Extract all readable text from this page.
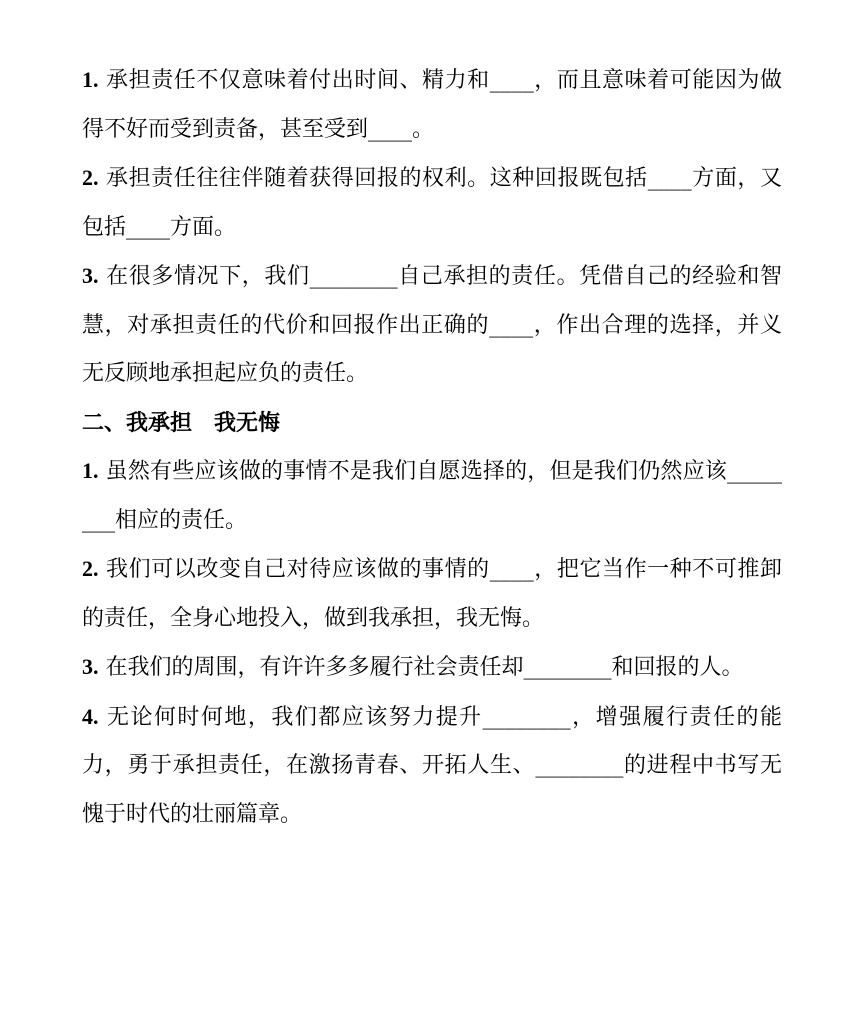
1. 承担责任不仅意味着付出时间、精力和____，而且意味着可能因为做得不好而受到责备，甚至受到____。

2. 承担责任往往伴随着获得回报的权利。这种回报既包括____方面，又包括____方面。

3. 在很多情况下，我们________自己承担的责任。凭借自己的经验和智慧，对承担责任的代价和回报作出正确的____，作出合理的选择，并义无反顾地承担起应负的责任。

二、我承担　我无悔

1. 虽然有些应该做的事情不是我们自愿选择的，但是我们仍然应该________相应的责任。

2. 我们可以改变自己对待应该做的事情的____，把它当作一种不可推卸的责任，全身心地投入，做到我承担，我无悔。

3. 在我们的周围，有许许多多履行社会责任却________和回报的人。

4. 无论何时何地，我们都应该努力提升________，增强履行责任的能力，勇于承担责任，在激扬青春、开拓人生、________的进程中书写无愧于时代的壮丽篇章。
